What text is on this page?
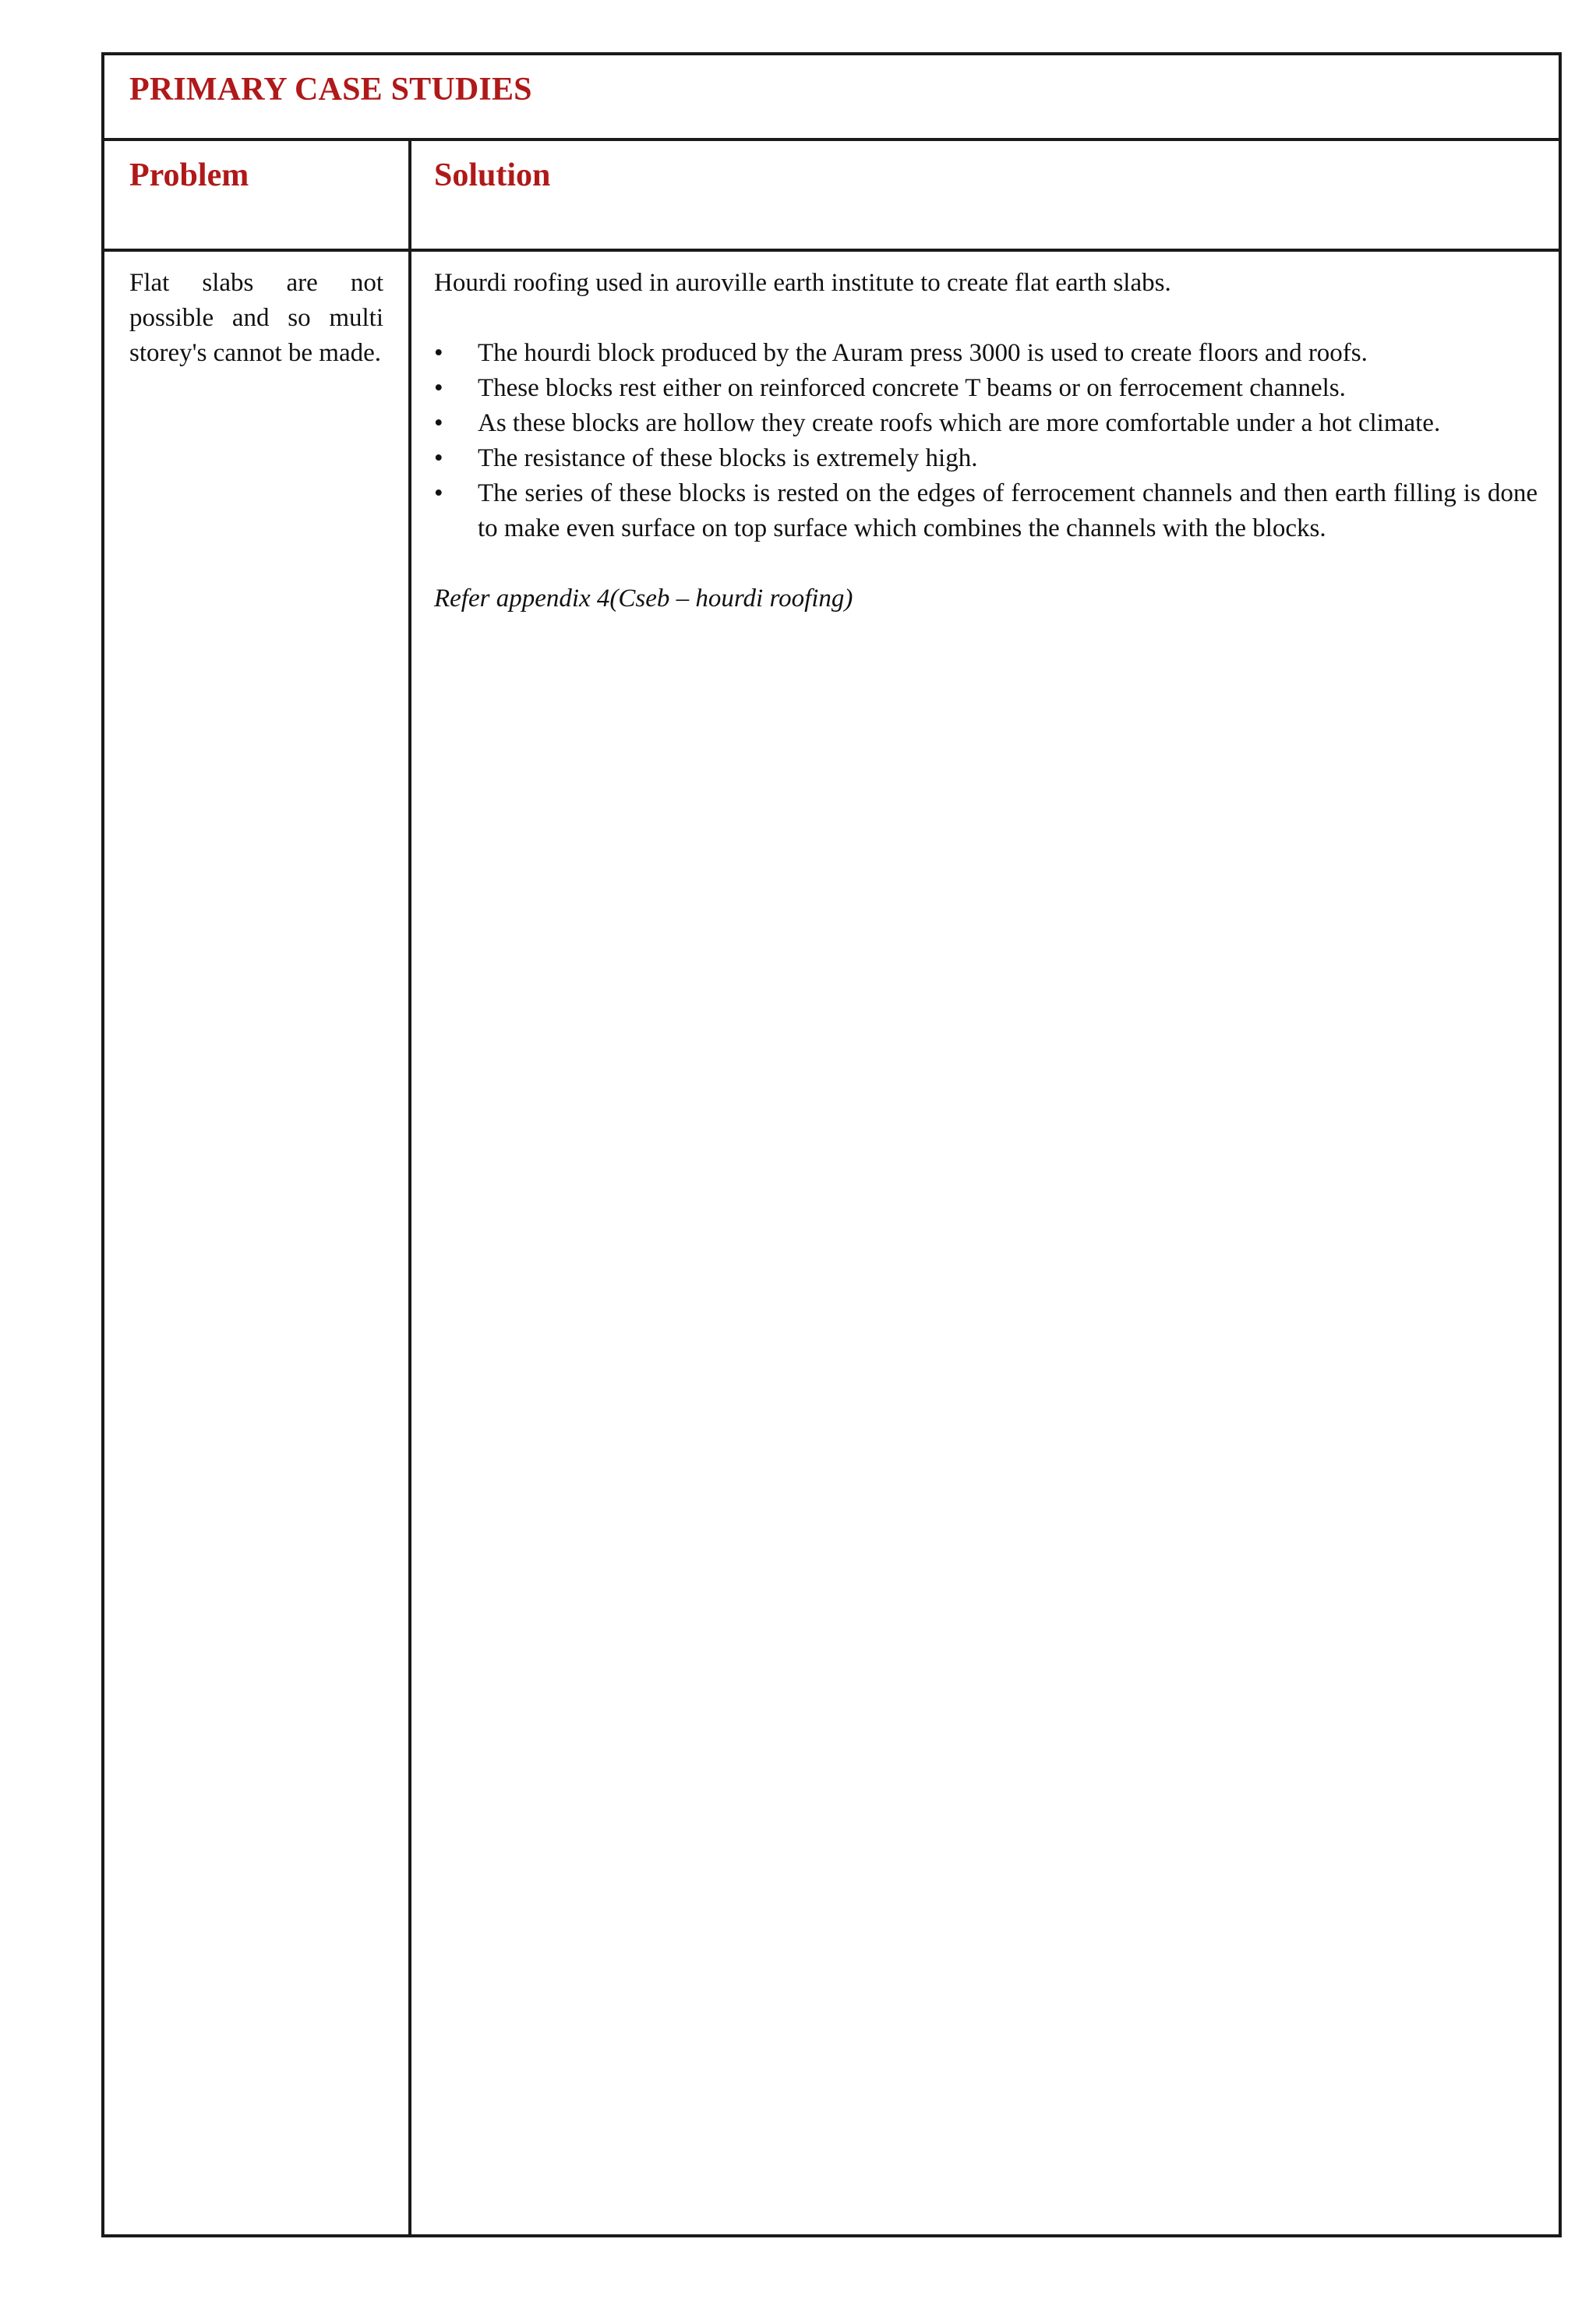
PRIMARY CASE STUDIES
Problem	Solution
Flat slabs are not possible and so multi storey's cannot be made.

Hourdi roofing used in auroville earth institute to create flat earth slabs.

• The hourdi block produced by the Auram press 3000 is used to create floors and roofs.
• These blocks rest either on reinforced concrete T beams or on ferrocement channels.
• As these blocks are hollow they create roofs which are more comfortable under a hot climate.
• The resistance of these blocks is extremely high.
• The series of these blocks is rested on the edges of ferrocement channels and then earth filling is done to make even surface on top surface which combines the channels with the blocks.

Refer appendix 4(Cseb – hourdi roofing)
